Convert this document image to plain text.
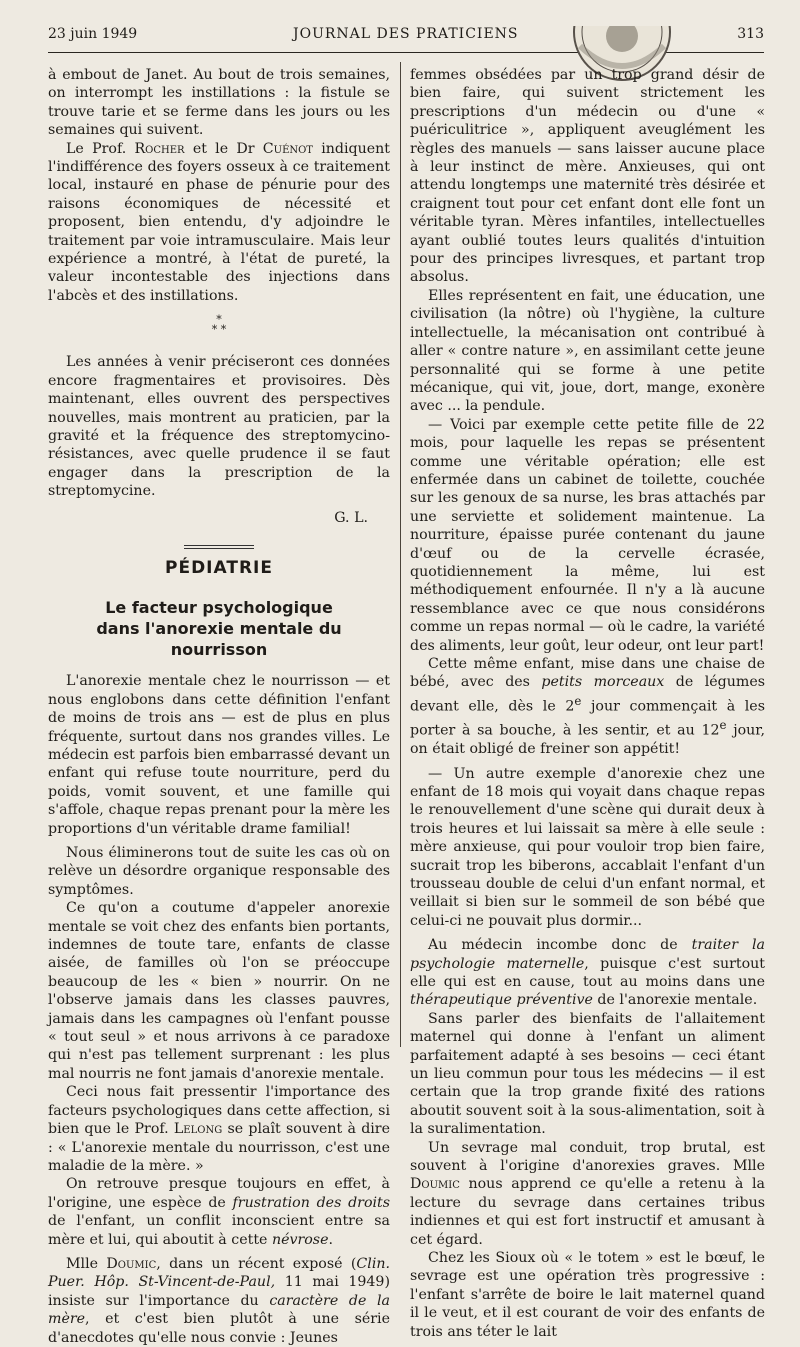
23 juin 1949	JOURNAL DES PRATICIENS	313

à embout de Janet. Au bout de trois semaines, on interrompt les instillations : la fistule se trouve tarie et se ferme dans les jours ou les semaines qui suivent.

Le Prof. Rocher et le Dr Cuénot indiquent l'indifférence des foyers osseux à ce traitement local, instauré en phase de pénurie pour des raisons économiques de nécessité et proposent, bien entendu, d'y adjoindre le traitement par voie intramusculaire. Mais leur expérience a montré, à l'état de pureté, la valeur incontestable des injections dans l'abcès et des instillations.

*
* *

Les années à venir préciseront ces données encore fragmentaires et provisoires. Dès maintenant, elles ouvrent des perspectives nouvelles, mais montrent au praticien, par la gravité et la fréquence des streptomycino-résistances, avec quelle prudence il se faut engager dans la prescription de la streptomycine.

G. L.
PÉDIATRIE
Le facteur psychologique
dans l'anorexie mentale du nourrisson

L'anorexie mentale chez le nourrisson — et nous englobons dans cette définition l'enfant de moins de trois ans — est de plus en plus fréquente, surtout dans nos grandes villes. Le médecin est parfois bien embarrassé devant un enfant qui refuse toute nourriture, perd du poids, vomit souvent, et une famille qui s'affole, chaque repas prenant pour la mère les proportions d'un véritable drame familial!

Nous éliminerons tout de suite les cas où on relève un désordre organique responsable des symptômes.

Ce qu'on a coutume d'appeler anorexie mentale se voit chez des enfants bien portants, indemnes de toute tare, enfants de classe aisée, de familles où l'on se préoccupe beaucoup de les « bien » nourrir. On ne l'observe jamais dans les classes pauvres, jamais dans les campagnes où l'enfant pousse « tout seul » et nous arrivons à ce paradoxe qui n'est pas tellement surprenant : les plus mal nourris ne font jamais d'anorexie mentale.

Ceci nous fait pressentir l'importance des facteurs psychologiques dans cette affection, si bien que le Prof. Lelong se plaît souvent à dire : « L'anorexie mentale du nourrisson, c'est une maladie de la mère. »

On retrouve presque toujours en effet, à l'origine, une espèce de frustration des droits de l'enfant, un conflit inconscient entre sa mère et lui, qui aboutit à cette névrose.

Mlle Doumic, dans un récent exposé (Clin. Puer. Hôp. St-Vincent-de-Paul, 11 mai 1949) insiste sur l'importance du caractère de la mère, et c'est bien plutôt à une série d'anecdotes qu'elle nous convie : Jeunes

femmes obsédées par un trop grand désir de bien faire, qui suivent strictement les prescriptions d'un médecin ou d'une « puériculitrice », appliquent aveuglément les règles des manuels — sans laisser aucune place à leur instinct de mère. Anxieuses, qui ont attendu longtemps une maternité très désirée et craignent tout pour cet enfant dont elle font un véritable tyran. Mères infantiles, intellectuelles ayant oublié toutes leurs qualités d'intuition pour des principes livresques, et partant trop absolus.

Elles représentent en fait, une éducation, une civilisation (la nôtre) où l'hygiène, la culture intellectuelle, la mécanisation ont contribué à aller « contre nature », en assimilant cette jeune personnalité qui se forme à une petite mécanique, qui vit, joue, dort, mange, exonère avec ... la pendule.

— Voici par exemple cette petite fille de 22 mois, pour laquelle les repas se présentent comme une véritable opération; elle est enfermée dans un cabinet de toilette, couchée sur les genoux de sa nurse, les bras attachés par une serviette et solidement maintenue. La nourriture, épaisse purée contenant du jaune d'œuf ou de la cervelle écrasée, quotidiennement la même, lui est méthodiquement enfournée. Il n'y a là aucune ressemblance avec ce que nous considérons comme un repas normal — où le cadre, la variété des aliments, leur goût, leur odeur, ont leur part!

Cette même enfant, mise dans une chaise de bébé, avec des petits morceaux de légumes devant elle, dès le 2e jour commençait à les porter à sa bouche, à les sentir, et au 12e jour, on était obligé de freiner son appétit!

— Un autre exemple d'anorexie chez une enfant de 18 mois qui voyait dans chaque repas le renouvellement d'une scène qui durait deux à trois heures et lui laissait sa mère à elle seule : mère anxieuse, qui pour vouloir trop bien faire, sucrait trop les biberons, accablait l'enfant d'un trousseau double de celui d'un enfant normal, et veillait si bien sur le sommeil de son bébé que celui-ci ne pouvait plus dormir...

Au médecin incombe donc de traiter la psychologie maternelle, puisque c'est surtout elle qui est en cause, tout au moins dans une thérapeutique préventive de l'anorexie mentale.

Sans parler des bienfaits de l'allaitement maternel qui donne à l'enfant un aliment parfaitement adapté à ses besoins — ceci étant un lieu commun pour tous les médecins — il est certain que la trop grande fixité des rations aboutit souvent soit à la sous-alimentation, soit à la suralimentation.

Un sevrage mal conduit, trop brutal, est souvent à l'origine d'anorexies graves. Mlle Doumic nous apprend ce qu'elle a retenu à la lecture du sevrage dans certaines tribus indiennes et qui est fort instructif et amusant à cet égard.

Chez les Sioux où « le totem » est le bœuf, le sevrage est une opération très progressive : l'enfant s'arrête de boire le lait maternel quand il le veut, et il est courant de voir des enfants de trois ans téter le lait
